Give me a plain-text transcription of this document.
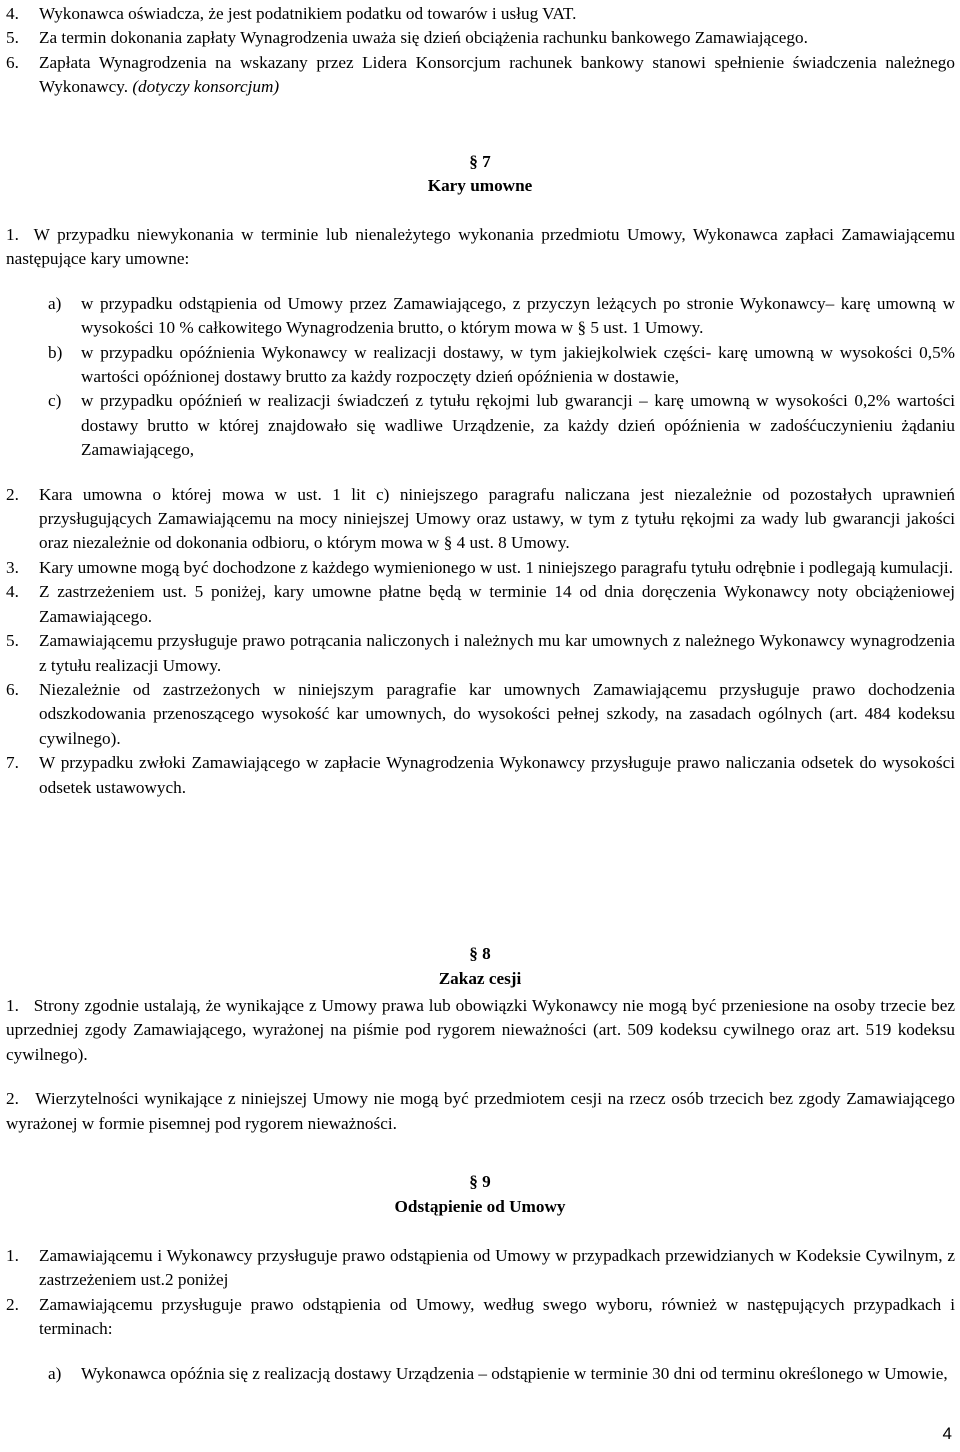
4. Wykonawca oświadcza, że jest podatnikiem podatku od towarów i usług VAT.
5. Za termin dokonania zapłaty Wynagrodzenia uważa się dzień obciążenia rachunku bankowego Zamawiającego.
6. Zapłata Wynagrodzenia na wskazany przez Lidera Konsorcjum rachunek bankowy stanowi spełnienie świadczenia należnego Wykonawcy. (dotyczy konsorcjum)
§ 7
Kary umowne
1. W przypadku niewykonania w terminie lub nienależytego wykonania przedmiotu Umowy, Wykonawca zapłaci Zamawiającemu następujące kary umowne:
a) w przypadku odstąpienia od Umowy przez Zamawiającego, z przyczyn leżących po stronie Wykonawcy– karę umowną w wysokości 10 % całkowitego Wynagrodzenia brutto, o którym mowa w § 5 ust. 1 Umowy.
b) w przypadku opóźnienia Wykonawcy w realizacji dostawy, w tym jakiejkolwiek części- karę umowną w wysokości 0,5% wartości opóźnionej dostawy brutto za każdy rozpoczęty dzień opóźnienia w dostawie,
c) w przypadku opóźnień w realizacji świadczeń z tytułu rękojmi lub gwarancji – karę umowną w wysokości 0,2% wartości dostawy brutto w której znajdowało się wadliwe Urządzenie, za każdy dzień opóźnienia w zadośćuczynieniu żądaniu Zamawiającego,
2. Kara umowna o której mowa w ust. 1 lit c) niniejszego paragrafu naliczana jest niezależnie od pozostałych uprawnień przysługujących Zamawiającemu na mocy niniejszej Umowy oraz ustawy, w tym z tytułu rękojmi za wady lub gwarancji jakości oraz niezależnie od dokonania odbioru, o którym mowa w § 4 ust. 8 Umowy.
3. Kary umowne mogą być dochodzone z każdego wymienionego w ust. 1 niniejszego paragrafu tytułu odrębnie i podlegają kumulacji.
4. Z zastrzeżeniem ust. 5 poniżej, kary umowne płatne będą w terminie 14 od dnia doręczenia Wykonawcy noty obciążeniowej Zamawiającego.
5. Zamawiającemu przysługuje prawo potrącania naliczonych i należnych mu kar umownych z należnego Wykonawcy wynagrodzenia z tytułu realizacji Umowy.
6. Niezależnie od zastrzeżonych w niniejszym paragrafie kar umownych Zamawiającemu przysługuje prawo dochodzenia odszkodowania przenoszącego wysokość kar umownych, do wysokości pełnej szkody, na zasadach ogólnych (art. 484 kodeksu cywilnego).
7. W przypadku zwłoki Zamawiającego w zapłacie Wynagrodzenia Wykonawcy przysługuje prawo naliczania odsetek do wysokości odsetek ustawowych.
§ 8
Zakaz cesji
1. Strony zgodnie ustalają, że wynikające z Umowy prawa lub obowiązki Wykonawcy nie mogą być przeniesione na osoby trzecie bez uprzedniej zgody Zamawiającego, wyrażonej na piśmie pod rygorem nieważności (art. 509 kodeksu cywilnego oraz art. 519 kodeksu cywilnego).
2. Wierzytelności wynikające z niniejszej Umowy nie mogą być przedmiotem cesji na rzecz osób trzecich bez zgody Zamawiającego wyrażonej w formie pisemnej pod rygorem nieważności.
§ 9
Odstąpienie od Umowy
1. Zamawiającemu i Wykonawcy przysługuje prawo odstąpienia od Umowy w przypadkach przewidzianych w Kodeksie Cywilnym, z zastrzeżeniem ust.2 poniżej
2. Zamawiającemu przysługuje prawo odstąpienia od Umowy, według swego wyboru, również w następujących przypadkach i terminach:
a) Wykonawca opóźnia się z realizacją dostawy Urządzenia – odstąpienie w terminie 30 dni od terminu określonego w Umowie,
4
